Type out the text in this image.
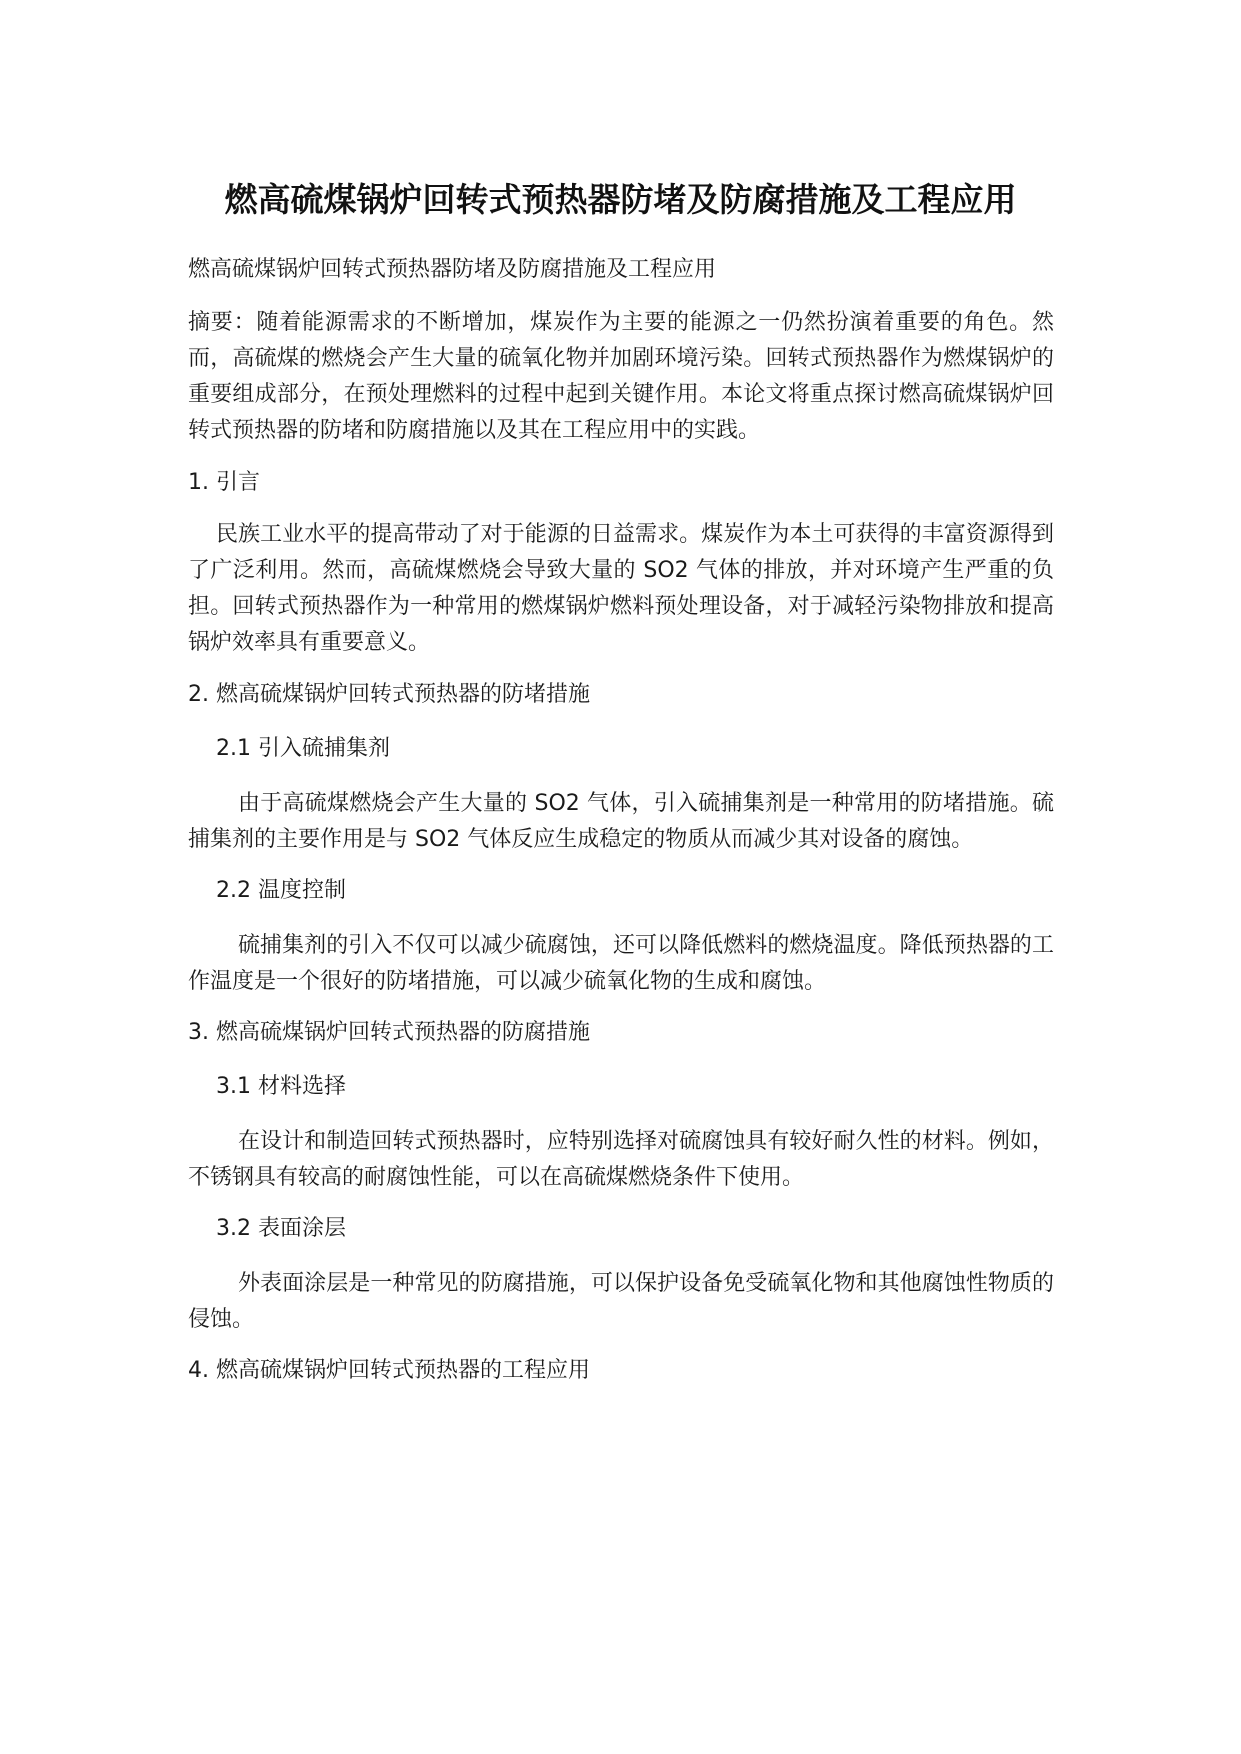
燃高硫煤锅炉回转式预热器防堵及防腐措施及工程应用
燃高硫煤锅炉回转式预热器防堵及防腐措施及工程应用
摘要：随着能源需求的不断增加，煤炭作为主要的能源之一仍然扮演着重要的角色。然而，高硫煤的燃烧会产生大量的硫氧化物并加剧环境污染。回转式预热器作为燃煤锅炉的重要组成部分，在预处理燃料的过程中起到关键作用。本论文将重点探讨燃高硫煤锅炉回转式预热器的防堵和防腐措施以及其在工程应用中的实践。
1. 引言
民族工业水平的提高带动了对于能源的日益需求。煤炭作为本土可获得的丰富资源得到了广泛利用。然而，高硫煤燃烧会导致大量的 SO2 气体的排放，并对环境产生严重的负担。回转式预热器作为一种常用的燃煤锅炉燃料预处理设备，对于减轻污染物排放和提高锅炉效率具有重要意义。
2. 燃高硫煤锅炉回转式预热器的防堵措施
2.1 引入硫捕集剂
由于高硫煤燃烧会产生大量的 SO2 气体，引入硫捕集剂是一种常用的防堵措施。硫捕集剂的主要作用是与 SO2 气体反应生成稳定的物质从而减少其对设备的腐蚀。
2.2 温度控制
硫捕集剂的引入不仅可以减少硫腐蚀，还可以降低燃料的燃烧温度。降低预热器的工作温度是一个很好的防堵措施，可以减少硫氧化物的生成和腐蚀。
3. 燃高硫煤锅炉回转式预热器的防腐措施
3.1 材料选择
在设计和制造回转式预热器时，应特别选择对硫腐蚀具有较好耐久性的材料。例如，不锈钢具有较高的耐腐蚀性能，可以在高硫煤燃烧条件下使用。
3.2 表面涂层
外表面涂层是一种常见的防腐措施，可以保护设备免受硫氧化物和其他腐蚀性物质的侵蚀。
4. 燃高硫煤锅炉回转式预热器的工程应用
